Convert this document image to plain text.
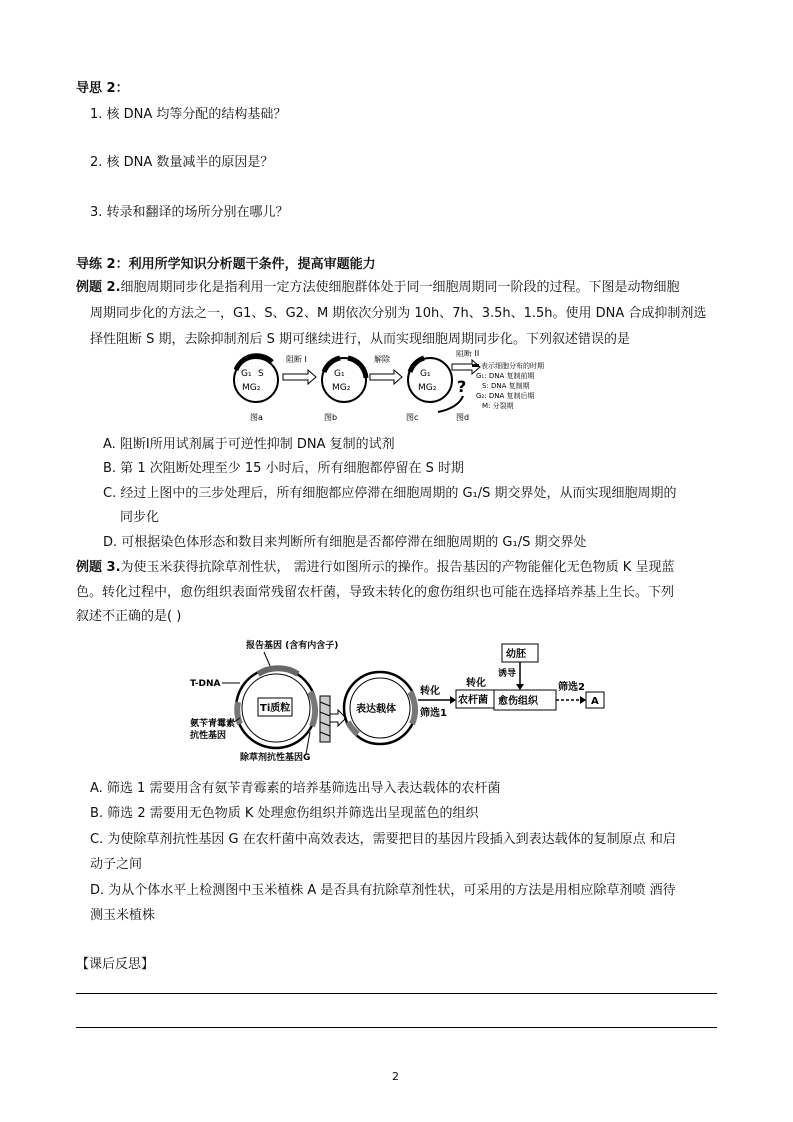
导思 2：
1. 核 DNA 均等分配的结构基础？
2. 核 DNA 数量减半的原因是？
3. 转录和翻译的场所分别在哪儿？
导练 2：利用所学知识分析题干条件，提高审题能力
例题 2.细胞周期同步化是指利用一定方法使细胞群体处于同一细胞周期同一阶段的过程。下图是动物细胞
周期同步化的方法之一，G1、S、G2、M 期依次分别为 10h、7h、3.5h、1.5h。使用 DNA 合成抑制剂选
择性阻断 S 期，去除抑制剂后 S 期可继续进行，从而实现细胞周期同步化。下列叙述错误的是
G₁ S
MG₂
阻断 I
G₁
MG₂
解除
G₁
MG₂
阻断 II
?
表示细胞分布的时期
G₁: DNA 复制前期
S: DNA 复制期
G₂: DNA 复制后期
M: 分裂期
图a	图b	图c	图d
A. 阻断Ⅰ所用试剂属于可逆性抑制 DNA 复制的试剂
B. 第 1 次阻断处理至少 15 小时后，所有细胞都停留在 S 时期
C. 经过上图中的三步处理后，所有细胞都应停滞在细胞周期的 G₁/S 期交界处，从而实现细胞周期的
同步化
D. 可根据染色体形态和数目来判断所有细胞是否都停滞在细胞周期的 G₁/S 期交界处
例题 3.为使玉米获得抗除草剂性状， 需进行如图所示的操作。报告基因的产物能催化无色物质 K 呈现蓝
色。转化过程中，愈伤组织表面常残留农杆菌，导致未转化的愈伤组织也可能在选择培养基上生长。下列
叙述不正确的是( )
报告基因 (含有内含子)
Ti质粒
T-DNA
氨苄青霉素
抗性基因
除草剂抗性基因G
表达载体
转化
筛选1
农杆菌
转化
幼胚
诱导
愈伤组织
筛选2
A
A. 筛选 1 需要用含有氨苄青霉素的培养基筛选出导入表达载体的农杆菌
B. 筛选 2 需要用无色物质 K 处理愈伤组织并筛选出呈现蓝色的组织
C. 为使除草剂抗性基因 G 在农杆菌中高效表达，需要把目的基因片段插入到表达载体的复制原点 和启
动子之间
D. 为从个体水平上检测图中玉米植株 A 是否具有抗除草剂性状，可采用的方法是用相应除草剂喷 酒待
测玉米植株
【课后反思】
2
